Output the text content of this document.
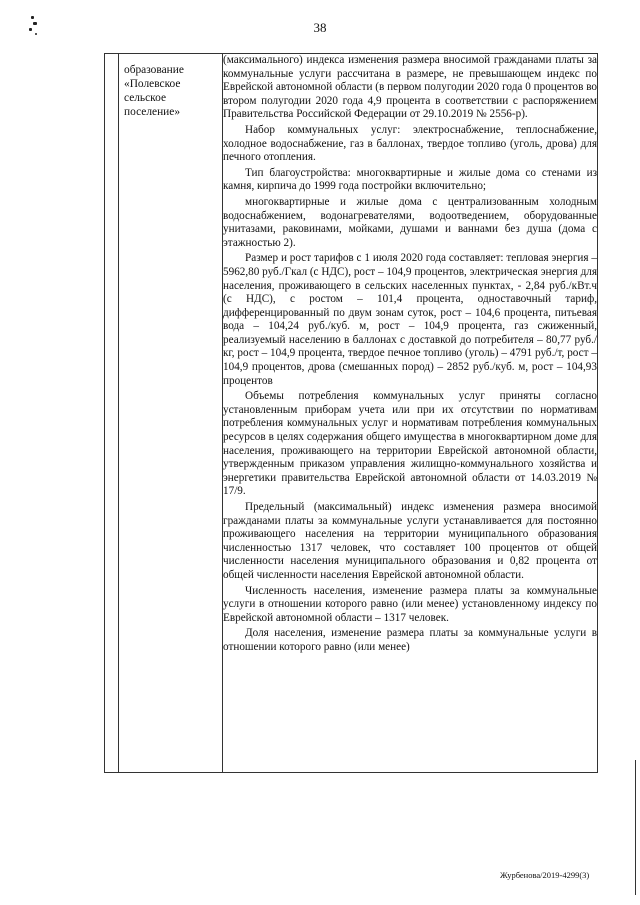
38

образование «Полевское сельское поселение»

(максимального) индекса изменения размера вносимой гражданами платы за коммунальные услуги рассчитана в размере, не превышающем индекс по Еврейской автономной области (в первом полугодии 2020 года 0 процентов во втором полугодии 2020 года 4,9 процента в соответствии с распоряжением Правительства Российской Федерации от 29.10.2019 № 2556-р).

Набор коммунальных услуг: электроснабжение, теплоснабжение, холодное водоснабжение, газ в баллонах, твердое топливо (уголь, дрова) для печного отопления.

Тип благоустройства: многоквартирные и жилые дома со стенами из камня, кирпича до 1999 года постройки включительно;

многоквартирные и жилые дома с централизованным холодным водоснабжением, водонагревателями, водоотведением, оборудованные унитазами, раковинами, мойками, душами и ваннами без душа (дома с этажностью 2).

Размер и рост тарифов с 1 июля 2020 года составляет: тепловая энергия – 5962,80 руб./Гкал (с НДС), рост – 104,9 процентов, электрическая энергия для населения, проживающего в сельских населенных пунктах, - 2,84 руб./кВт.ч (с НДС), с ростом – 101,4 процента, одноставочный тариф, дифференцированный по двум зонам суток, рост – 104,6 процента, питьевая вода – 104,24 руб./куб. м, рост – 104,9 процента, газ сжиженный, реализуемый населению в баллонах с доставкой до потребителя – 80,77 руб./кг, рост – 104,9 процента, твердое печное топливо (уголь) – 4791 руб./т, рост – 104,9 процентов, дрова (смешанных пород) – 2852 руб./куб. м, рост – 104,93 процентов

Объемы потребления коммунальных услуг приняты согласно установленным приборам учета или при их отсутствии по нормативам потребления коммунальных услуг и нормативам потребления коммунальных ресурсов в целях содержания общего имущества в многоквартирном доме для населения, проживающего на территории Еврейской автономной области, утвержденным приказом управления жилищно-коммунального хозяйства и энергетики правительства Еврейской автономной области от 14.03.2019 № 17/9.

Предельный (максимальный) индекс изменения размера вносимой гражданами платы за коммунальные услуги устанавливается для постоянно проживающего населения на территории муниципального образования численностью 1317 человек, что составляет 100 процентов от общей численности населения муниципального образования и 0,82 процента от общей численности населения Еврейской автономной области.

Численность населения, изменение размера платы за коммунальные услуги в отношении которого равно (или менее) установленному индексу по Еврейской автономной области – 1317 человек.

Доля населения, изменение размера платы за коммунальные услуги в отношении которого равно (или менее)

Журбенова/2019-4299(3)
